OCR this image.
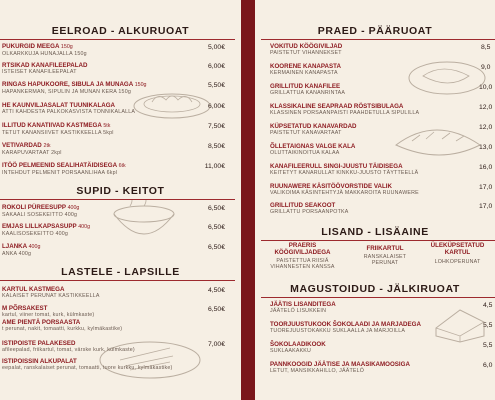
EELROAD - ALKURUOAT
PUKURGID MEEGA 150g
OLKARKKUJA HUNAJALLA 150g
5,00€
RTSIKAD KANAFILEEPALAD
ISTEISET KANAFILEEPALAT
6,00€
RINGAS HAPUKOORE, SIBULA JA MUNAGA 150g
HAPANKERMAN, SIPULIN JA MUNAN KERA 150g
5,50€
HE KAUNVILJASALAT TUUNIKALAGA
ATTI KAHDESTA PALKOKASVISTA TONNIKALALLA
6,00€
ILLITUD KANATIIVAD KASTMEGA 5tk
TETUT KANANSIIVET KASTIKKEELLA 5kpl
7,50€
VETIVARDAD 2tk
KARAPUVARTAAT 2kpl
8,50€
ITÖÖ PELMEENID SEALIHATÄIDISEGA 6tk
INTEHDUT PELMENIT PORSAANLIHAA 6kpl
11,00€
SUPID - KEITOT
ROKOLI PÜREESUPP 400g
SAKAALI SOSEKEITTO 400g
6,50€
EMJAS LILLKAPSASUPP 400g
KAALISOSEKEITTO 400g
6,50€
LJANKA 400g
ANKA 400g
6,50€
LASTELE - LAPSILLE
KARTUL KASTMEGA
KALAISET PERUNAT KASTIKKEELLA
4,50€
M PÕRSAKEST
kartul, viiner tomat, kurk, külmkaste)
6,50€
AME PIENTÄ PORSAASTA
t perunat, nakit, tomaatti, kurkku, kylmäkastike)
ISTIPOISTE PALAKESED
afileepalad, friikartul, tomat, värske kurk, külmkaste)
7,00€
ISTIPOISSIN ALKUPALAT
eepalat, ranskalaiset perunat, tomaatti, tuore kurkku, kylmäkastike)
PRAED - PÄÄRUOAT
VOKITUD KÖÖGIVILJAD
PAISTETUT VIHANNEKSET
8,5
KOORENE KANAPASTA
KERMAINEN KANAPASTA
9,0
GRILLITUD KANAFILEE
GRILLATTUA KANANRINTAA
10,0
KLASSIKALINE SEAPRAAD RÖSTSIBULAGA
KLASSINEN PORSAANPAISTI PAAHDETULLA SIPULILLA
12,0
KÜPSETATUD KANAVARDAD
PAISTETUT KANAVARTAAT
12,0
ÕLLETAIGNAS VALGE KALA
OLUTTAIKINOITUA KALAA
13,0
KANAFILEERULL SINGI-JUUSTU TÄIDISEGA
KEITETYT KANARULLAT KINKKU-JUUSTO TÄYTTEELLÄ
16,0
RUUNAWERE KÄSITÖÖVORSTIDE VALIK
VALIKOIMA KÄSINTEHTYJÄ MAKKAROITA RUUNAWERE
17,0
GRILLITUD SEAKOOT
GRILLATTU PORSAANPOTKA
17,0
LISAND - LISÄAINE
PRAERIS KÖÖGIVILJADEGA
PAISTETTUA RIISIÄ VIHANNESTEN KANSSA
FRIIKARTUL
RANSKALAISET PERUNAT
ÜLEKÜPSETATUD KARTUL
LOHKOPERUNAT
MAGUSTOIDUD - JÄLKIRUOAT
JÄÄTIS LISANDITEGA
JÄÄTELÖ LISUKKEIN
4,5
TOORJUUSTUKOOK ŠOKOLAADI JA MARJADEGA
TUOREJUUSTOKAKKU SUKLAALLA JA MARJOILLA
5,5
ŠOKOLAADIKOOK
SUKLAAKAKKU
5,5
PANNKOOGID JÄÄTISE JA MAASIKAMOOSIGA
LETUT, MANSIKKAHILLO, JÄÄTELÖ
6,0
